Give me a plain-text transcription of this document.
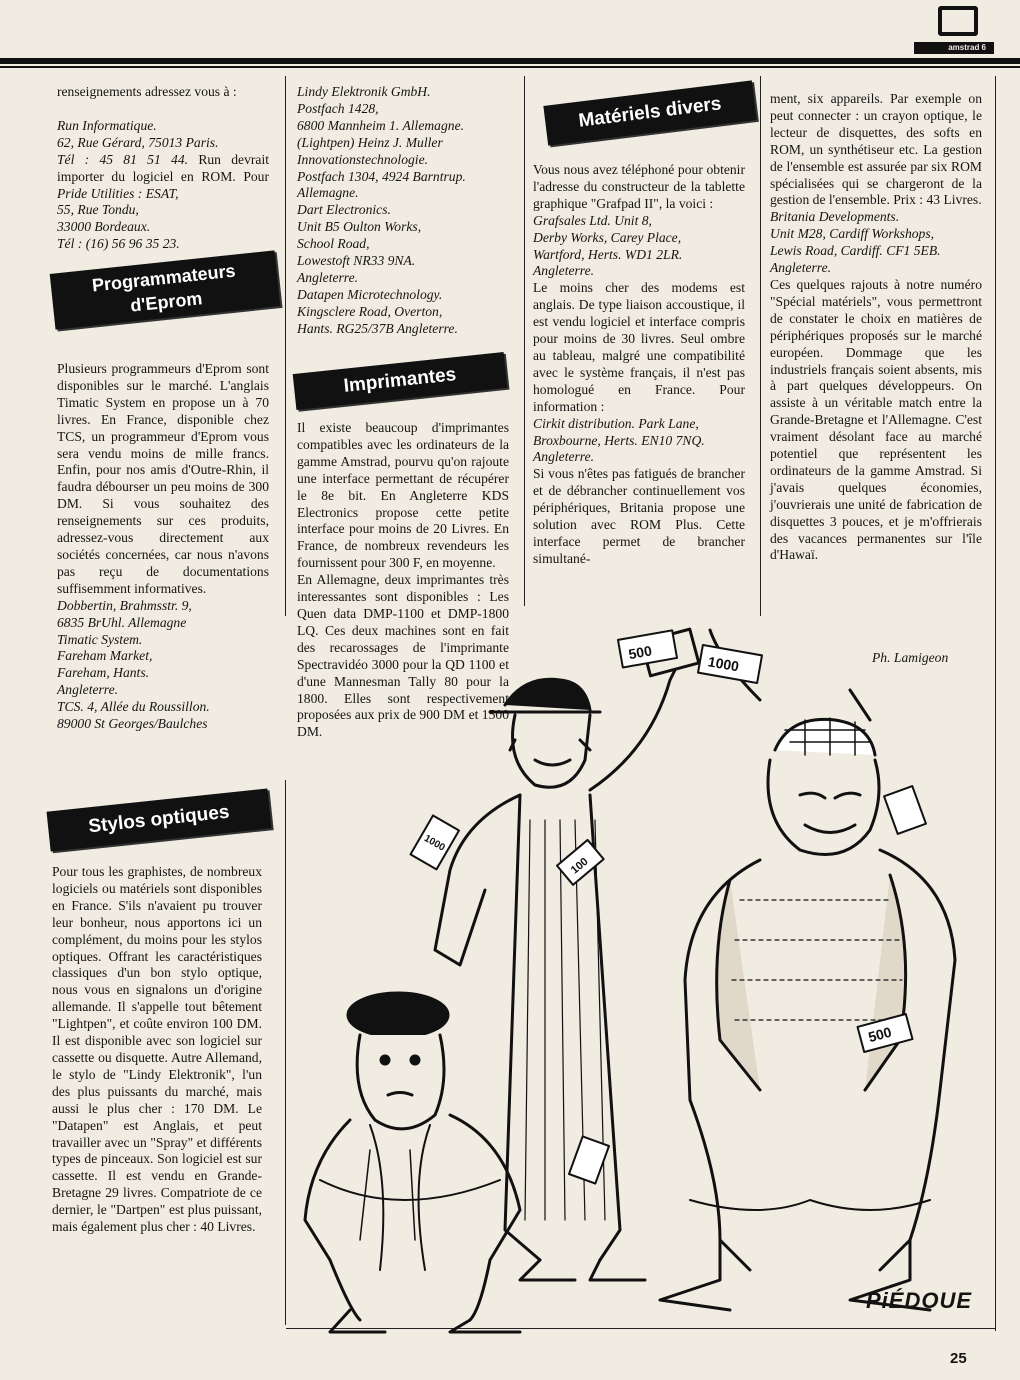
amstrad 6

renseignements adressez vous à :

Run Informatique.

62, Rue Gérard, 75013 Paris.

Tél : 45 81 51 44. Run devrait importer du logiciel en ROM. Pour Pride Utilities : ESAT,

55, Rue Tondu,

33000 Bordeaux.

Tél : (16) 56 96 35 23.

Programmateurs
d'Eprom

Plusieurs programmeurs d'Eprom sont disponibles sur le marché. L'anglais Timatic System en propose un à 70 livres. En France, disponible chez TCS, un programmeur d'Eprom vous sera vendu moins de mille francs. Enfin, pour nos amis d'Outre-Rhin, il faudra débourser un peu moins de 300 DM. Si vous souhaitez des renseignements sur ces produits, adressez-vous directement aux sociétés concernées, car nous n'avons pas reçu de documentations suffisemment informatives.

Dobbertin, Brahmsstr. 9,

6835 BrUhl. Allemagne

Timatic System.

Fareham Market,

Fareham, Hants.

Angleterre.

TCS. 4, Allée du Roussillon.

89000 St Georges/Baulches

Stylos optiques

Pour tous les graphistes, de nombreux logiciels ou matériels sont disponibles en France. S'ils n'avaient pu trouver leur bonheur, nous apportons ici un complément, du moins pour les stylos optiques. Offrant les caractéristiques classiques d'un bon stylo optique, nous vous en signalons un d'origine allemande. Il s'appelle tout bêtement "Lightpen", et coûte environ 100 DM. Il est disponible avec son logiciel sur cassette ou disquette. Autre Allemand, le stylo de "Lindy Elektronik", l'un des plus puissants du marché, mais aussi le plus cher : 170 DM. Le "Datapen" est Anglais, et peut travailler avec un "Spray" et différents types de pinceaux. Son logiciel est sur cassette. Il est vendu en Grande-Bretagne 29 livres. Compatriote de ce dernier, le "Dartpen" est plus puissant, mais également plus cher : 40 Livres.

Lindy Elektronik GmbH.

Postfach 1428,

6800 Mannheim 1. Allemagne.

(Lightpen) Heinz J. Muller

Innovationstechnologie.

Postfach 1304, 4924 Barntrup.

Allemagne.

Dart Electronics.

Unit B5 Oulton Works,

School Road,

Lowestoft NR33 9NA.

Angleterre.

Datapen Microtechnology.

Kingsclere Road, Overton,

Hants. RG25/37B Angleterre.

Imprimantes

Il existe beaucoup d'imprimantes compatibles avec les ordinateurs de la gamme Amstrad, pourvu qu'on rajoute une interface permettant de récupérer le 8e bit. En Angleterre KDS Electronics propose cette petite interface pour moins de 20 Livres. En France, de nombreux revendeurs les fournissent pour 300 F, en moyenne.

En Allemagne, deux imprimantes très interessantes sont disponibles : Les Quen data DMP-1100 et DMP-1800 LQ. Ces deux machines sont en fait des recarossages de l'imprimante Spectravidéo 3000 pour la QD 1100 et d'une Mannesman Tally 80 pour la 1800. Elles sont respectivement proposées aux prix de 900 DM et 1500 DM.

Matériels divers

Vous nous avez téléphoné pour obtenir l'adresse du constructeur de la tablette graphique "Grafpad II", la voici :

Grafsales Ltd. Unit 8,

Derby Works, Carey Place,

Wartford, Herts. WD1 2LR.

Angleterre.

Le moins cher des modems est anglais. De type liaison accoustique, il est vendu logiciel et interface compris pour moins de 30 livres. Seul ombre au tableau, malgré une compatibilité avec le système français, il n'est pas homologué en France. Pour information :

Cirkit distribution. Park Lane,

Broxbourne, Herts. EN10 7NQ.

Angleterre.

Si vous n'êtes pas fatigués de brancher et de débrancher continuellement vos périphériques, Britania propose une solution avec ROM Plus. Cette interface permet de brancher simultané-

ment, six appareils. Par exemple on peut connecter : un crayon optique, le lecteur de disquettes, des softs en ROM, un synthétiseur etc. La gestion de l'ensemble est assurée par six ROM spécialisées qui se chargeront de la gestion de l'ensemble. Prix : 43 Livres.

Britania Developments.

Unit M28, Cardiff Workshops,

Lewis Road, Cardiff. CF1 5EB.

Angleterre.

Ces quelques rajouts à notre numéro "Spécial matériels", vous permettront de constater le choix en matières de périphériques proposés sur le marché européen. Dommage que les industriels français soient absents, mis à part quelques développeurs. On assiste à un véritable match entre la Grande-Bretagne et l'Allemagne. C'est vraiment désolant face au marché potentiel que représentent les ordinateurs de la gamme Amstrad. Si j'avais quelques économies, j'ouvrierais une unité de fabrication de disquettes 3 pouces, et je m'offrierais des vacances permanentes sur l'île d'Hawaï.

Ph. Lamigeon
500
1000
100
500
1000
PiÉDOUE
25
